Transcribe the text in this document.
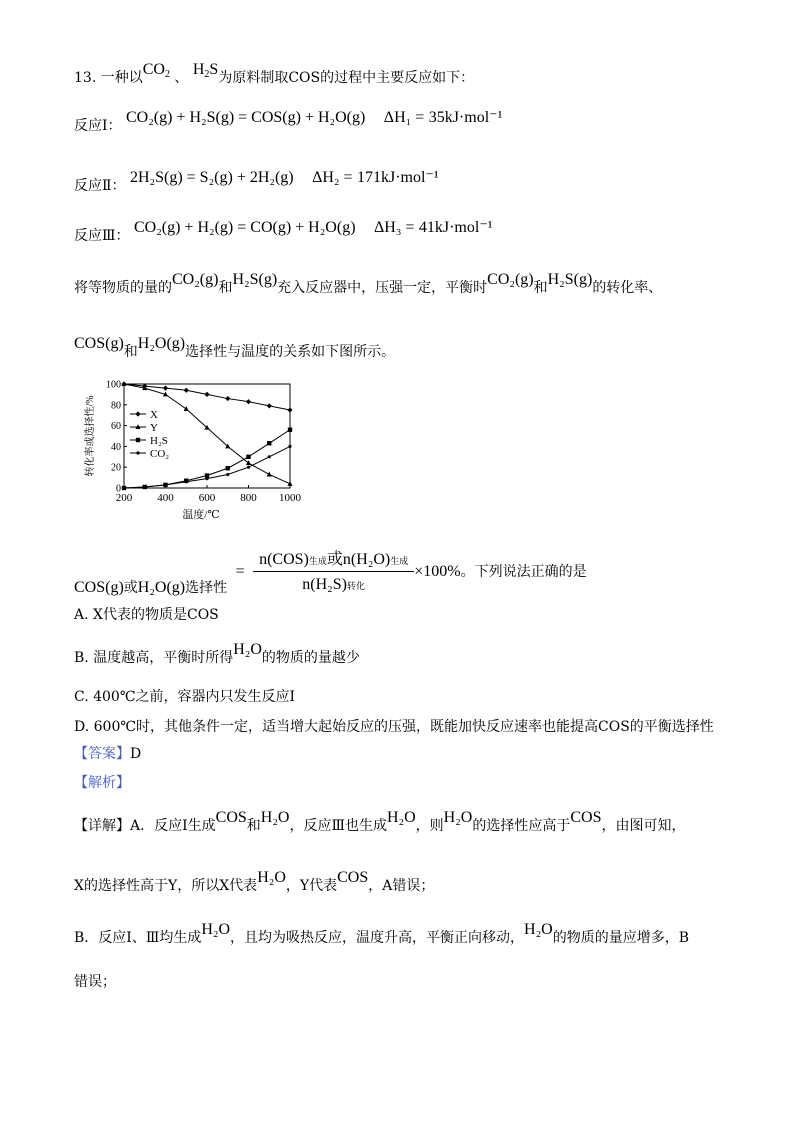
13. 一种以$CO_2$ 、 $H_2S$为原料制取COS的过程中主要反应如下：
反应Ⅰ： CO₂(g) + H₂S(g) = COS(g) + H₂O(g) ΔH₁ = 35kJ·mol⁻¹
反应Ⅱ： 2H₂S(g) = S₂(g) + 2H₂(g) ΔH₂ = 171kJ·mol⁻¹
反应Ⅲ： CO₂(g) + H₂(g) = CO(g) + H₂O(g) ΔH₃ = 41kJ·mol⁻¹
将等物质的量的CO₂(g)和H₂S(g)充入反应器中，压强一定，平衡时CO₂(g)和H₂S(g)的转化率、
COS(g)和H₂O(g)选择性与温度的关系如下图所示。
0
20
40
60
80
100
200 400 600 800 1000
X
Y
H₂S
CO₂
转化率或选择性/%
温度/℃
COS(g)或H₂O(g)选择性 = $\frac{\text{n(COS)生成或n(H₂O)生成}}{\text{n(H₂S)转化}} \times 100\%$。下列说法正确的是
A. X代表的物质是COS
B. 温度越高，平衡时所得H₂O的物质的量越少
C. 400℃之前，容器内只发生反应Ⅰ
D. 600℃时，其他条件一定，适当增大起始反应的压强，既能加快反应速率也能提高COS的平衡选择性
【答案】D
【解析】
【详解】A．反应Ⅰ生成COS和H₂O，反应Ⅲ也生成H₂O，则H₂O的选择性应高于COS，由图可知，
X的选择性高于Y，所以X代表H₂O，Y代表COS，A错误；
B．反应Ⅰ、Ⅲ均生成H₂O，且均为吸热反应，温度升高，平衡正向移动，H₂O的物质的量应增多，B
错误；
